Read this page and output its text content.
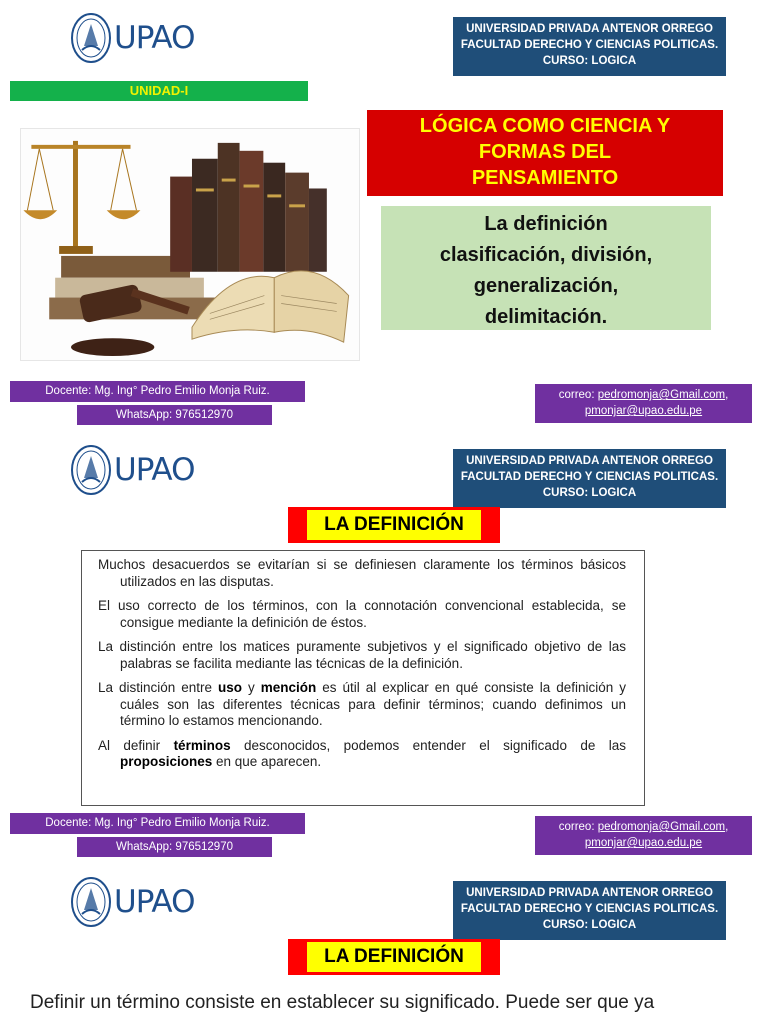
UPAO	UNIVERSIDAD PRIVADA ANTENOR ORREGO
FACULTAD DERECHO Y CIENCIAS POLITICAS.
CURSO: LOGICA
UNIDAD-I
LÓGICA COMO CIENCIA Y
FORMAS DEL
PENSAMIENTO
La definición
clasificación, división,
generalización,
delimitación.
Docente: Mg. Ing° Pedro Emilio Monja Ruiz.
WhatsApp: 976512970
correo: pedromonja@Gmail.com,
pmonjar@upao.edu.pe
UPAO	UNIVERSIDAD PRIVADA ANTENOR ORREGO
FACULTAD DERECHO Y CIENCIAS POLITICAS.
CURSO: LOGICA
LA DEFINICIÓN

Muchos desacuerdos se evitarían si se definiesen claramente los términos básicos utilizados en las disputas.

El uso correcto de los términos, con la connotación convencional establecida, se consigue mediante la definición de éstos.

La distinción entre los matices puramente subjetivos y el significado objetivo de las palabras se facilita mediante las técnicas de la definición.

La distinción entre uso y mención es útil al explicar en qué consiste la definición y cuáles son las diferentes técnicas para definir términos; cuando definimos un término lo estamos mencionando.

Al definir términos desconocidos, podemos entender el significado de las proposiciones en que aparecen.

Docente: Mg. Ing° Pedro Emilio Monja Ruiz.
WhatsApp: 976512970
correo: pedromonja@Gmail.com,
pmonjar@upao.edu.pe
UPAO	UNIVERSIDAD PRIVADA ANTENOR ORREGO
FACULTAD DERECHO Y CIENCIAS POLITICAS.
CURSO: LOGICA
LA DEFINICIÓN
Definir un término consiste en establecer su significado. Puede ser que ya
